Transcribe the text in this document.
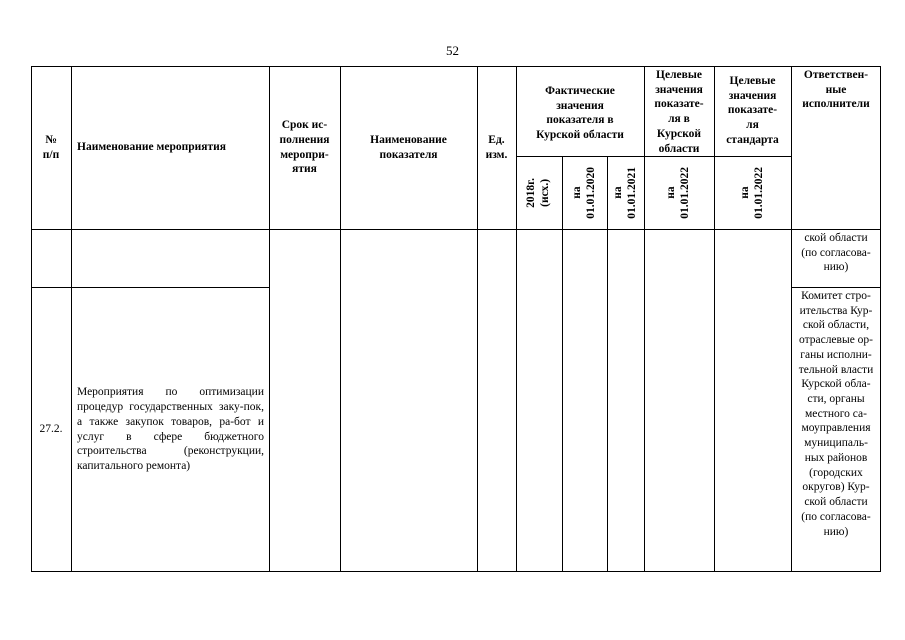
52
№
п/п
Наименование мероприятия
Срок ис-
полнения
меропри-
ятия
Наименование
показателя
Ед.
изм.
Фактические
значения
показателя в
Курской области
Целевые
значения
показате-
ля в
Курской
области
Целевые
значения
показате-
ля
стандарта
Ответствен-
ные
исполнители
2018г.
(исх.) на
01.01.2020 на
01.01.2021 на
01.01.2022	на
01.01.2022
ской области
(по согласова-
нию)
27.2.
Мероприятия по оптимизации процедур государственных заку-пок, а также закупок товаров, ра-бот и услуг в сфере бюджетного строительства (реконструкции, капитального ремонта)
Комитет стро-
ительства Кур-
ской области,
отраслевые ор-
ганы исполни-
тельной власти
Курской обла-
сти, органы
местного са-
моуправления
муниципаль-
ных районов
(городских
округов) Кур-
ской области
(по согласова-
нию)
